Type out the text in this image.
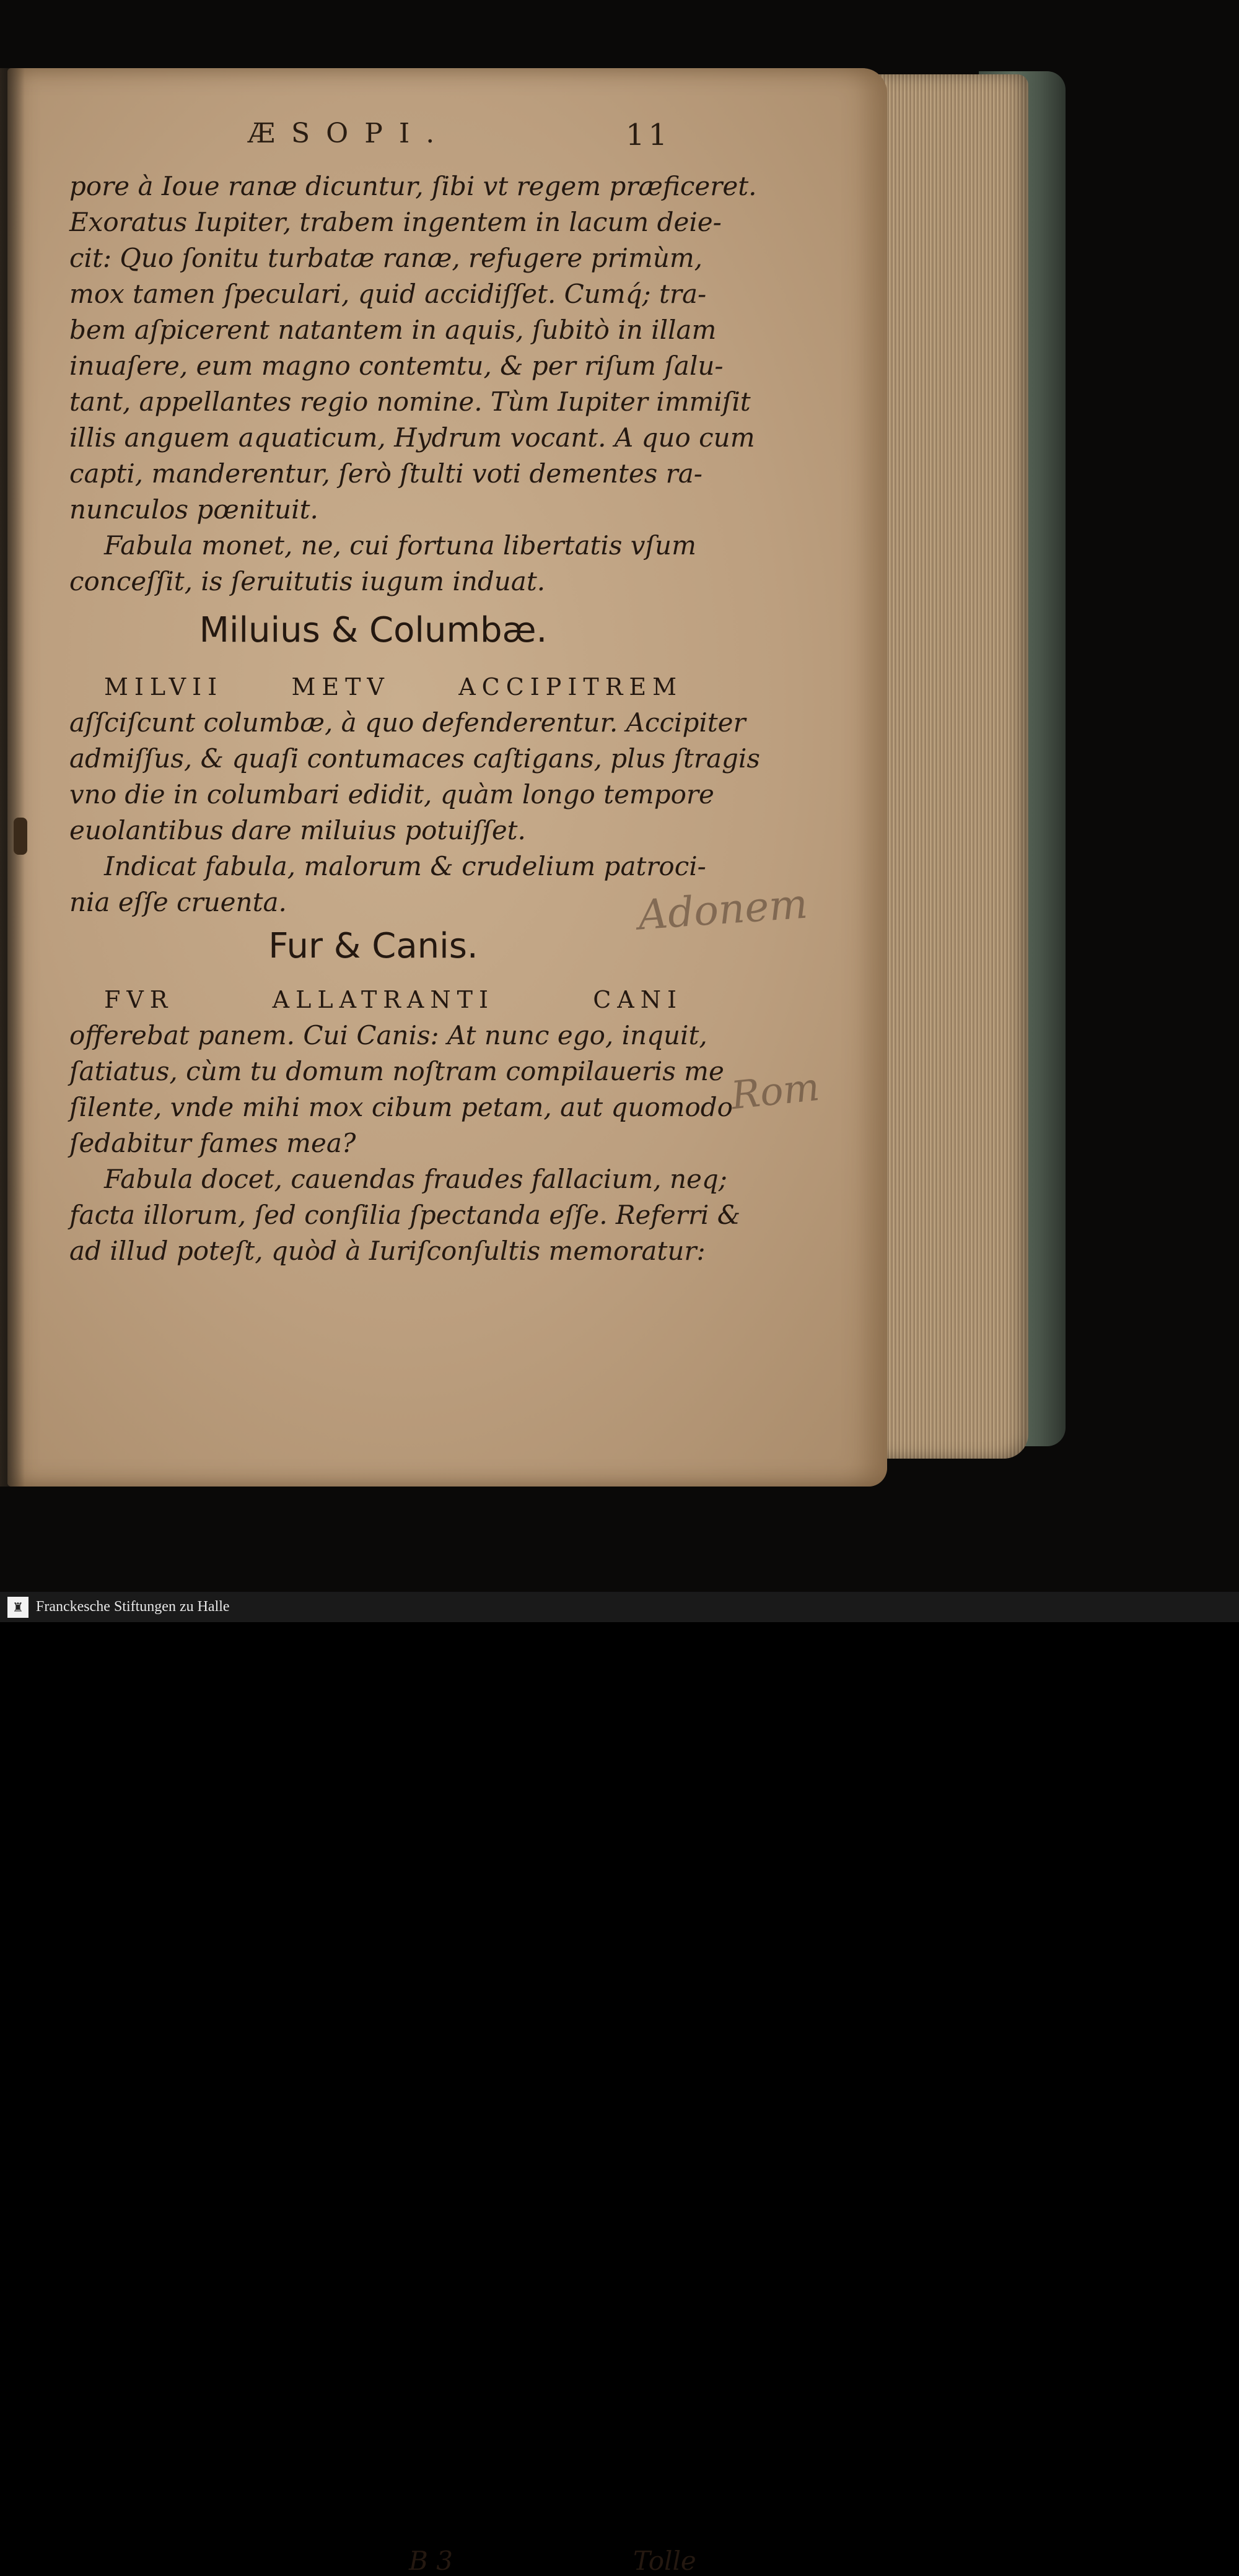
ÆSOPI.	11
pore à Ioue ranæ dicuntur, ſibi vt regem præficeret.
Exoratus Iupiter, trabem ingentem in lacum deie-
cit: Quo ſonitu turbatæ ranæ, refugere primùm,
mox tamen ſpeculari, quid accidiſſet. Cumq́; tra-
bem aſpicerent natantem in aquis, ſubitò in illam
inuaſere, eum magno contemtu, & per riſum ſalu-
tant, appellantes regio nomine. Tùm Iupiter immiſit
illis anguem aquaticum, Hydrum vocant. A quo cum
capti, manderentur, ſerò ſtulti voti dementes ra-
nunculos pœnituit.
Fabula monet, ne, cui fortuna libertatis vſum
conceſſit, is ſeruitutis iugum induat.
Miluius & Columbæ.
MILVII METV ACCIPITREM
aſſciſcunt columbæ, à quo defenderentur. Accipiter
admiſſus, & quaſi contumaces caſtigans, plus ſtragis
vno die in columbari edidit, quàm longo tempore
euolantibus dare miluius potuiſſet.
Indicat fabula, malorum & crudelium patroci-
nia eſſe cruenta.
Fur & Canis.
FVR ALLATRANTI CANI
offerebat panem. Cui Canis: At nunc ego, inquit,
ſatiatus, cùm tu domum noſtram compilaueris me
ſilente, vnde mihi mox cibum petam, aut quomodo
ſedabitur fames mea?
Fabula docet, cauendas fraudes fallacium, neq;
facta illorum, ſed conſilia ſpectanda eſſe. Referri &
ad illud poteſt, quòd à Iuriſconſultis memoratur:
B 3	Tolle
Adonem
Rom
♜ Franckesche Stiftungen zu Halle
